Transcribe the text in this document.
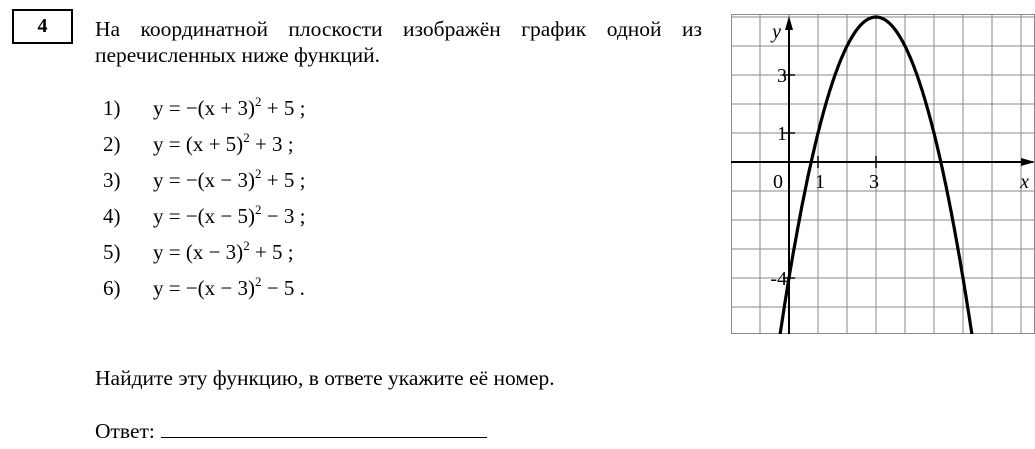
4	На координатной плоскости изображён график одной из перечисленных ниже функций.

1)	$y = -(x + 3)^2 + 5$ ;
2)	$y = (x + 5)^2 + 3$ ;
3)	$y = -(x - 3)^2 + 5$ ;
4)	$y = -(x - 5)^2 - 3$ ;
5)	$y = (x - 3)^2 + 5$ ;
6)	$y = -(x - 3)^2 - 5$ .

Найдите эту функцию, в ответе укажите её номер.

Ответ:
y
x
0 1 3
3
1
-4
